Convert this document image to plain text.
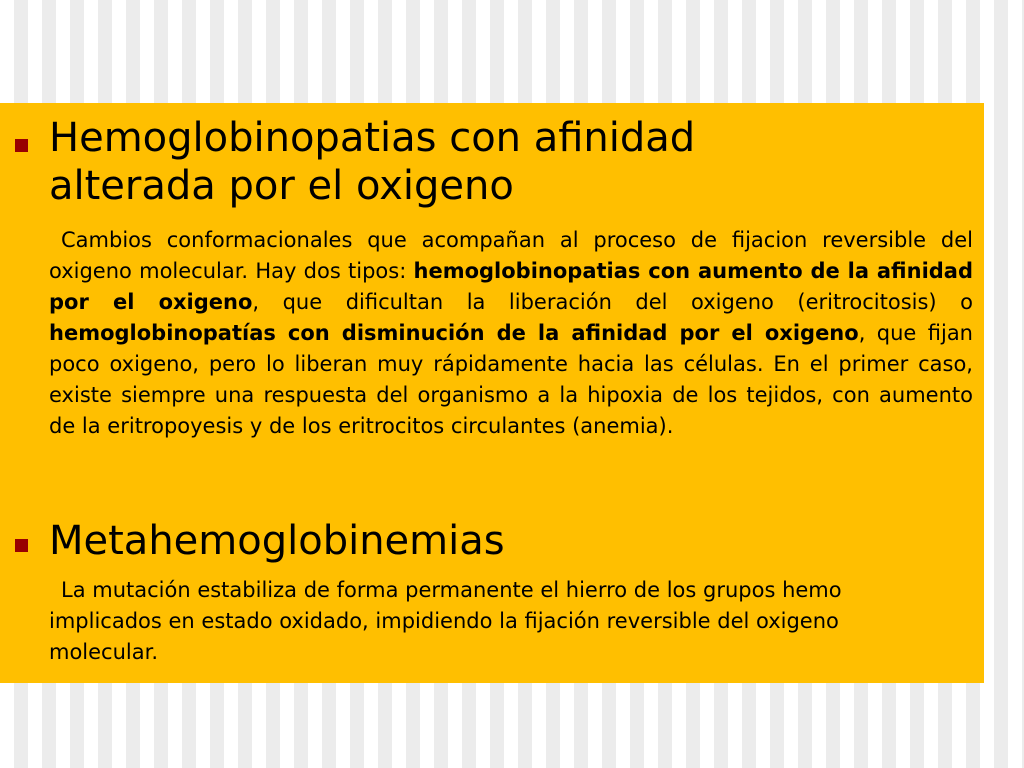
Hemoglobinopatias con afinidad
alterada por el oxigeno

Cambios conformacionales que acompañan al proceso de fijacion reversible del oxigeno molecular. Hay dos tipos: hemoglobinopatias con aumento de la afinidad por el oxigeno, que dificultan la liberación del oxigeno (eritrocitosis) o hemoglobinopatías con disminución de la afinidad por el oxigeno, que fijan poco oxigeno, pero lo liberan muy rápidamente hacia las células. En el primer caso, existe siempre una respuesta del organismo a la hipoxia de los tejidos, con aumento de la eritropoyesis y de los eritrocitos circulantes (anemia).

Metahemoglobinemias

La mutación estabiliza de forma permanente el hierro de los grupos hemo implicados en estado oxidado, impidiendo la fijación reversible del oxigeno molecular.
